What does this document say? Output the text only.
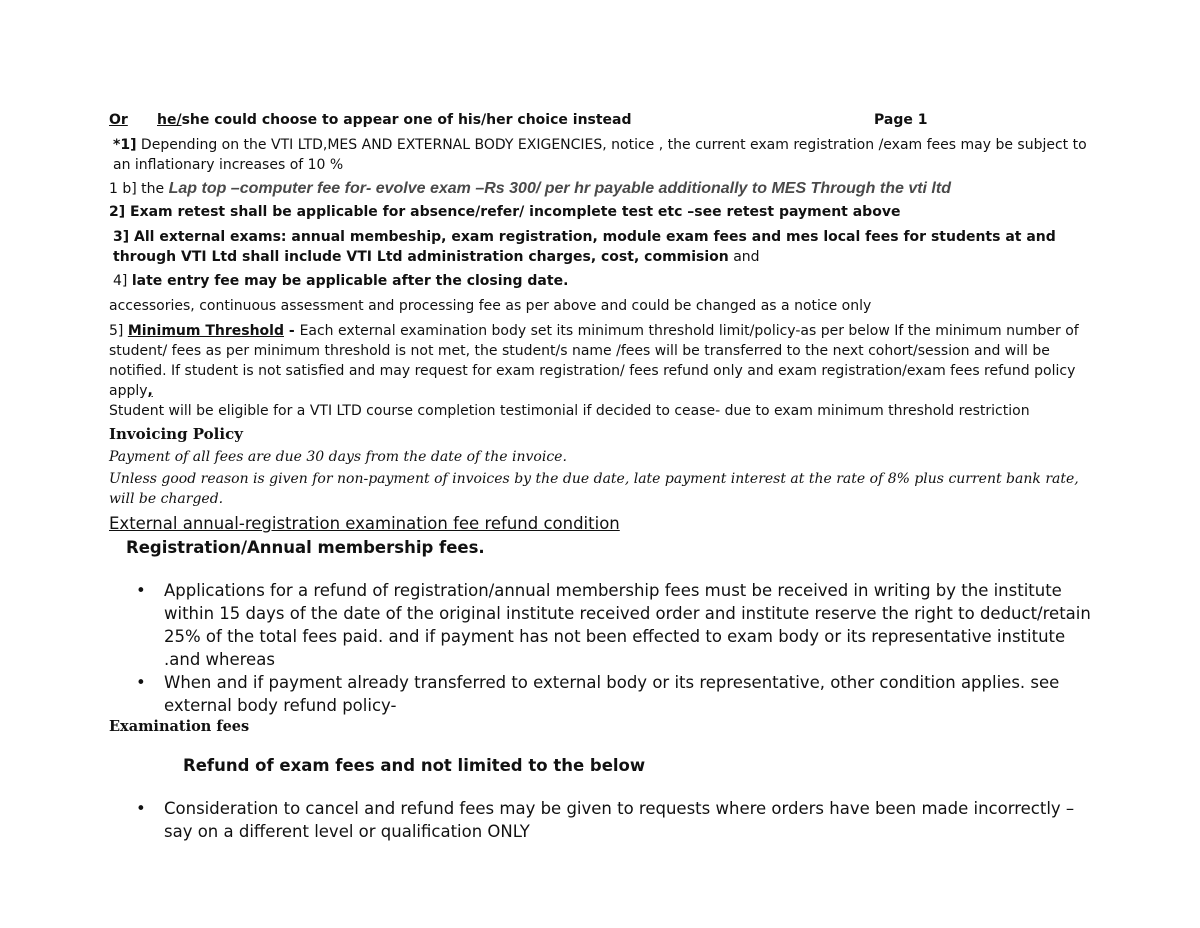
Or he/she could choose to appear one of his/her choice instead	Page 1

*1] Depending on the VTI LTD,MES AND EXTERNAL BODY EXIGENCIES, notice , the current exam registration /exam fees may be subject to an inflationary increases of 10 %

1 b] the Lap top –computer fee for- evolve exam –Rs 300/ per hr payable additionally to MES Through the vti ltd

2] Exam retest shall be applicable for absence/refer/ incomplete test etc –see retest payment above

3] All external exams: annual membeship, exam registration, module exam fees and mes local fees for students at and through VTI Ltd shall include VTI Ltd administration charges, cost, commision and

4] late entry fee may be applicable after the closing date.

accessories, continuous assessment and processing fee as per above and could be changed as a notice only

5] Minimum Threshold - Each external examination body set its minimum threshold limit/policy-as per below If the minimum number of student/ fees as per minimum threshold is not met, the student/s name /fees will be transferred to the next cohort/session and will be notified. If student is not satisfied and may request for exam registration/ fees refund only and exam registration/exam fees refund policy apply,
Student will be eligible for a VTI LTD course completion testimonial if decided to cease- due to exam minimum threshold restriction

Invoicing Policy

Payment of all fees are due 30 days from the date of the invoice.

Unless good reason is given for non-payment of invoices by the due date, late payment interest at the rate of 8% plus current bank rate, will be charged.

External annual-registration examination fee refund condition

Registration/Annual membership fees.

• Applications for a refund of registration/annual membership fees must be received in writing by the institute within 15 days of the date of the original institute received order and institute reserve the right to deduct/retain 25% of the total fees paid. and if payment has not been effected to exam body or its representative institute .and whereas
• When and if payment already transferred to external body or its representative, other condition applies. see external body refund policy-

Examination fees

Refund of exam fees and not limited to the below

• Consideration to cancel and refund fees may be given to requests where orders have been made incorrectly – say on a different level or qualification ONLY
